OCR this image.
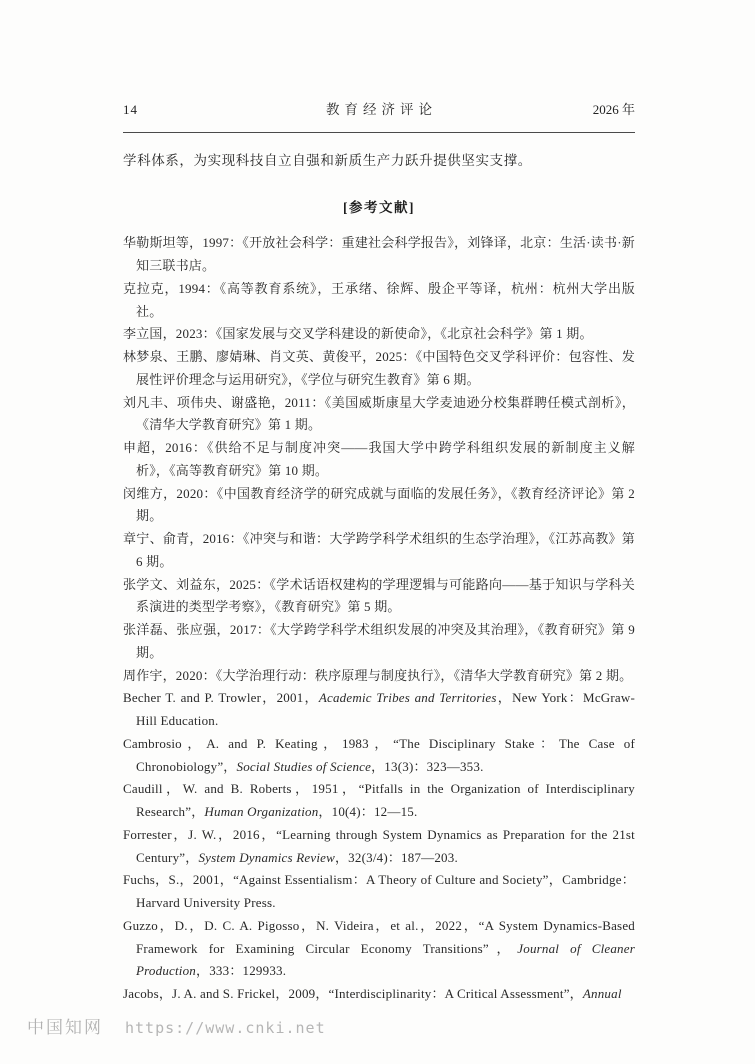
14	教育经济评论	2026 年

学科体系，为实现科技自立自强和新质生产力跃升提供坚实支撑。

[参考文献]

华勒斯坦等，1997：《开放社会科学：重建社会科学报告》，刘锋译，北京：生活·读书·新知三联书店。

克拉克，1994：《高等教育系统》，王承绪、徐辉、殷企平等译，杭州：杭州大学出版社。

李立国，2023：《国家发展与交叉学科建设的新使命》，《北京社会科学》第 1 期。

林梦泉、王鹏、廖婧琳、肖文英、黄俊平，2025：《中国特色交叉学科评价：包容性、发展性评价理念与运用研究》，《学位与研究生教育》第 6 期。

刘凡丰、项伟央、谢盛艳，2011：《美国威斯康星大学麦迪逊分校集群聘任模式剖析》，《清华大学教育研究》第 1 期。

申超，2016：《供给不足与制度冲突——我国大学中跨学科组织发展的新制度主义解析》，《高等教育研究》第 10 期。

闵维方，2020：《中国教育经济学的研究成就与面临的发展任务》，《教育经济评论》第 2 期。

章宁、俞青，2016：《冲突与和谐：大学跨学科学术组织的生态学治理》，《江苏高教》第 6 期。

张学文、刘益东，2025：《学术话语权建构的学理逻辑与可能路向——基于知识与学科关系演进的类型学考察》，《教育研究》第 5 期。

张洋磊、张应强，2017：《大学跨学科学术组织发展的冲突及其治理》，《教育研究》第 9 期。

周作宇，2020：《大学治理行动：秩序原理与制度执行》，《清华大学教育研究》第 2 期。

Becher T. and P. Trowler，2001，Academic Tribes and Territories，New York：McGraw-Hill Education.

Cambrosio，A. and P. Keating，1983，“The Disciplinary Stake：The Case of Chronobiology”，Social Studies of Science，13(3)：323—353.

Caudill，W. and B. Roberts，1951，“Pitfalls in the Organization of Interdisciplinary Research”，Human Organization，10(4)：12—15.

Forrester，J. W.，2016，“Learning through System Dynamics as Preparation for the 21st Century”，System Dynamics Review，32(3/4)：187—203.

Fuchs，S.，2001，“Against Essentialism：A Theory of Culture and Society”，Cambridge：Harvard University Press.

Guzzo，D.，D. C. A. Pigosso，N. Videira，et al.，2022，“A System Dynamics-Based Framework for Examining Circular Economy Transitions”，Journal of Cleaner Production，333：129933.

Jacobs，J. A. and S. Frickel，2009，“Interdisciplinarity：A Critical Assessment”，Annual

中国知网 https://www.cnki.net
